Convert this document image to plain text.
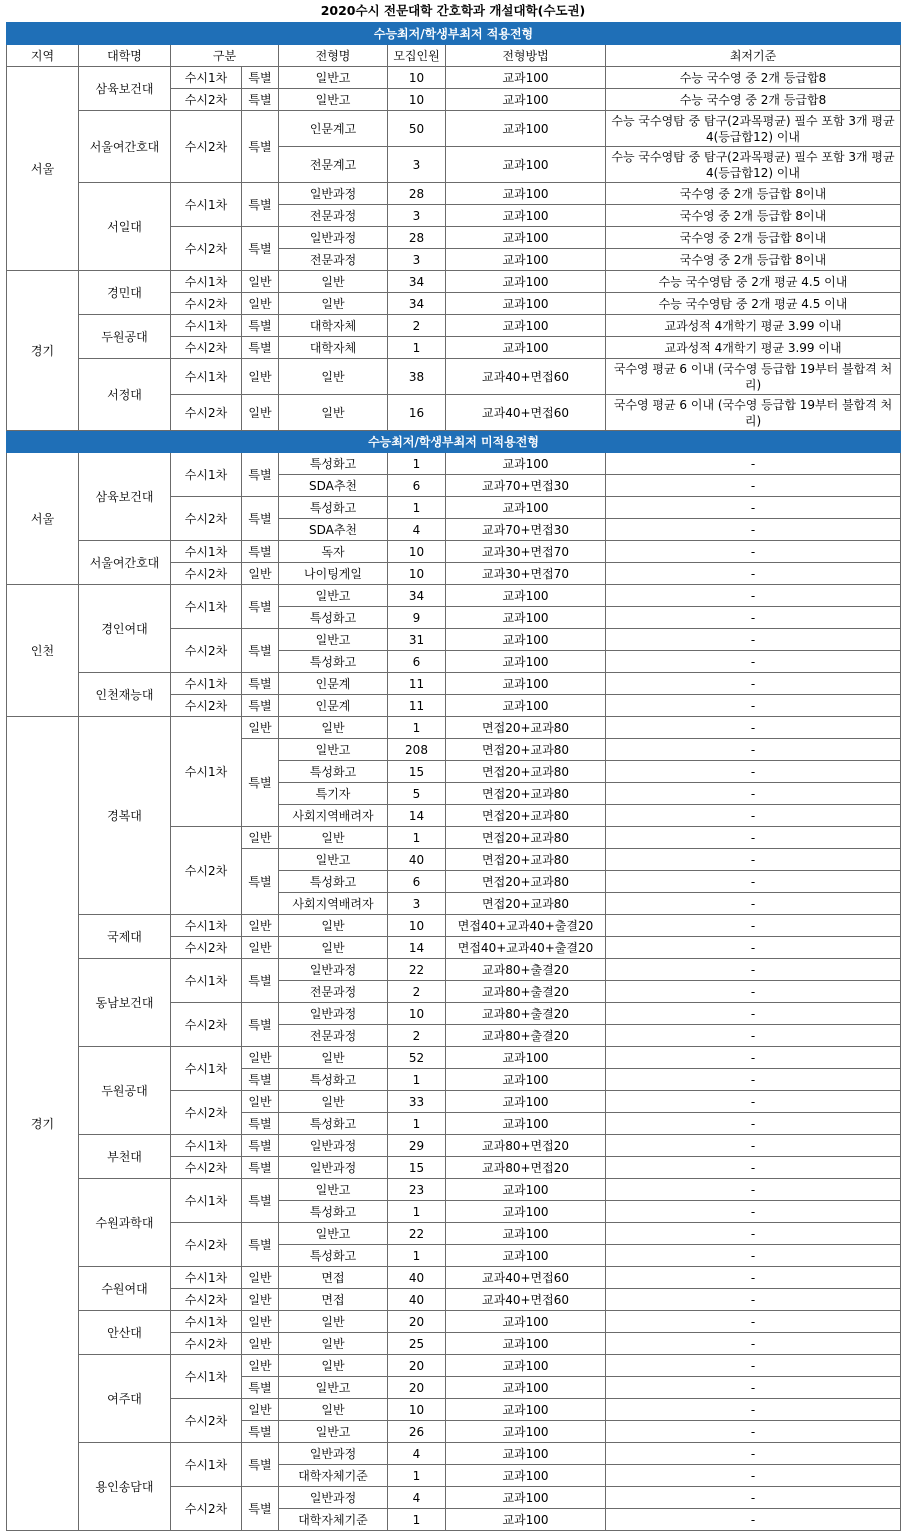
2020수시 전문대학 간호학과 개설대학(수도권)
수능최저/학생부최저 적용전형							
지역	대학명	구분		전형명	모집인원	전형방법	최저기준
서울	삼육보건대	수시1차	특별	일반고	10	교과100	수능 국수영 중 2개 등급합8
		수시2차	특별	일반고	10	교과100	수능 국수영 중 2개 등급합8
	서울여간호대	수시2차	특별	인문계고	50	교과100	수능 국수영탐 중 탐구(2과목평균) 필수 포함 3개 평균 4(등급합12) 이내
				전문계고	3	교과100	수능 국수영탐 중 탐구(2과목평균) 필수 포함 3개 평균 4(등급합12) 이내
	서일대	수시1차	특별	일반과정	28	교과100	국수영 중 2개 등급합 8이내
				전문과정	3	교과100	국수영 중 2개 등급합 8이내
		수시2차	특별	일반과정	28	교과100	국수영 중 2개 등급합 8이내
				전문과정	3	교과100	국수영 중 2개 등급합 8이내
경기	경민대	수시1차	일반	일반	34	교과100	수능 국수영탐 중 2개 평균 4.5 이내
		수시2차	일반	일반	34	교과100	수능 국수영탐 중 2개 평균 4.5 이내
	두원공대	수시1차	특별	대학자체	2	교과100	교과성적 4개학기 평균 3.99 이내
		수시2차	특별	대학자체	1	교과100	교과성적 4개학기 평균 3.99 이내
	서정대	수시1차	일반	일반	38	교과40+면접60	국수영 평균 6 이내 (국수영 등급합 19부터 불합격 처리)
		수시2차	일반	일반	16	교과40+면접60	국수영 평균 6 이내 (국수영 등급합 19부터 불합격 처리)
수능최저/학생부최저 미적용전형							
서울	삼육보건대	수시1차	특별	특성화고	1	교과100	-
				SDA추천	6	교과70+면접30	-
		수시2차	특별	특성화고	1	교과100	-
				SDA추천	4	교과70+면접30	-
	서울여간호대	수시1차	특별	독자	10	교과30+면접70	-
		수시2차	일반	나이팅게일	10	교과30+면접70	-
인천	경인여대	수시1차	특별	일반고	34	교과100	-
				특성화고	9	교과100	-
		수시2차	특별	일반고	31	교과100	-
				특성화고	6	교과100	-
	인천재능대	수시1차	특별	인문계	11	교과100	-
		수시2차	특별	인문계	11	교과100	-
경기	경복대	수시1차	일반	일반	1	면접20+교과80	-
			특별	일반고	208	면접20+교과80	-
				특성화고	15	면접20+교과80	-
				특기자	5	면접20+교과80	-
				사회지역배려자	14	면접20+교과80	-
		수시2차	일반	일반	1	면접20+교과80	-
			특별	일반고	40	면접20+교과80	-
				특성화고	6	면접20+교과80	-
				사회지역배려자	3	면접20+교과80	-
	국제대	수시1차	일반	일반	10	면접40+교과40+출결20	-
		수시2차	일반	일반	14	면접40+교과40+출결20	-
	동남보건대	수시1차	특별	일반과정	22	교과80+출결20	-
				전문과정	2	교과80+출결20	-
		수시2차	특별	일반과정	10	교과80+출결20	-
				전문과정	2	교과80+출결20	-
	두원공대	수시1차	일반	일반	52	교과100	-
			특별	특성화고	1	교과100	-
		수시2차	일반	일반	33	교과100	-
			특별	특성화고	1	교과100	-
	부천대	수시1차	특별	일반과정	29	교과80+면접20	-
		수시2차	특별	일반과정	15	교과80+면접20	-
	수원과학대	수시1차	특별	일반고	23	교과100	-
				특성화고	1	교과100	-
		수시2차	특별	일반고	22	교과100	-
				특성화고	1	교과100	-
	수원여대	수시1차	일반	면접	40	교과40+면접60	-
		수시2차	일반	면접	40	교과40+면접60	-
	안산대	수시1차	일반	일반	20	교과100	-
		수시2차	일반	일반	25	교과100	-
	여주대	수시1차	일반	일반	20	교과100	-
			특별	일반고	20	교과100	-
		수시2차	일반	일반	10	교과100	-
			특별	일반고	26	교과100	-
	용인송담대	수시1차	특별	일반과정	4	교과100	-
				대학자체기준	1	교과100	-
		수시2차	특별	일반과정	4	교과100	-
				대학자체기준	1	교과100	-
